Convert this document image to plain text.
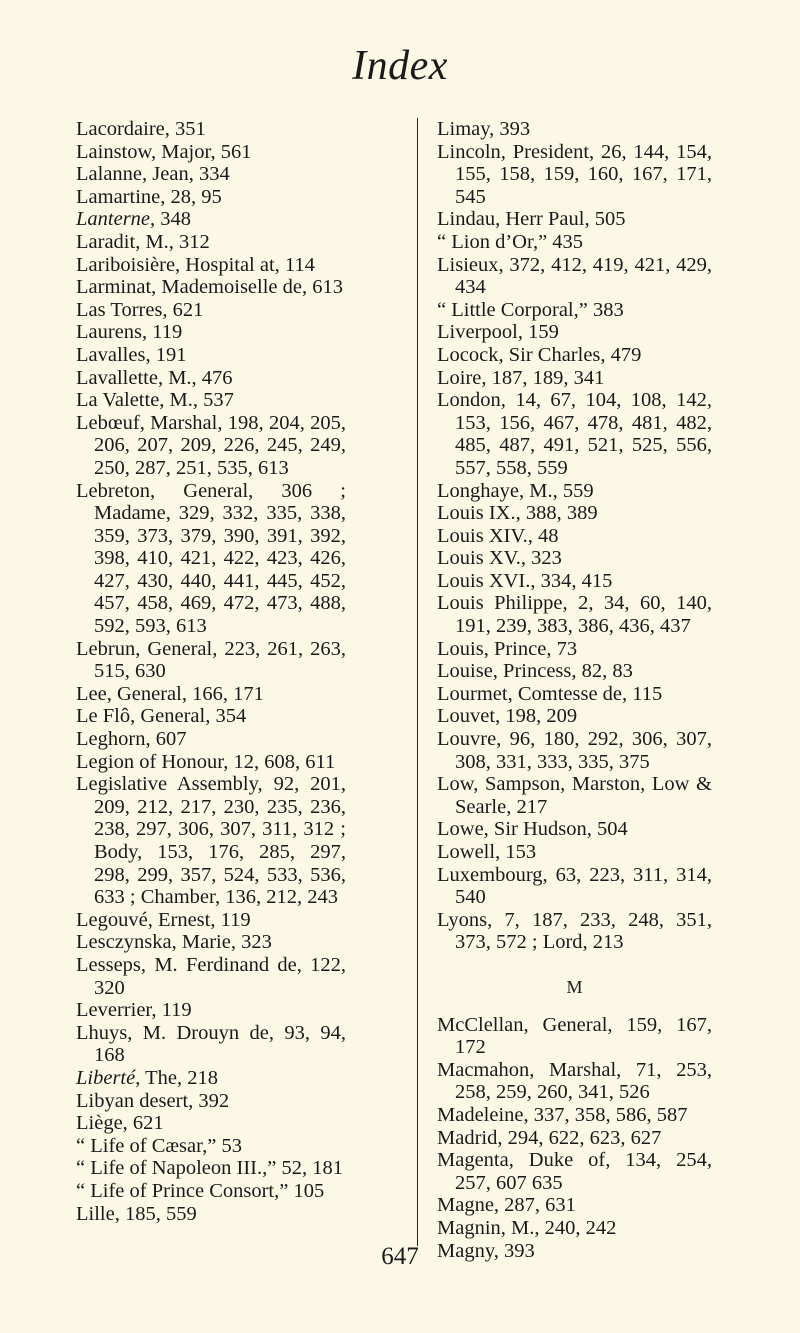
Index
Lacordaire, 351
Lainstow, Major, 561
Lalanne, Jean, 334
Lamartine, 28, 95
Lanterne, 348
Laradit, M., 312
Lariboisière, Hospital at, 114
Larminat, Mademoiselle de, 613
Las Torres, 621
Laurens, 119
Lavalles, 191
Lavallette, M., 476
La Valette, M., 537
Lebœuf, Marshal, 198, 204, 205, 206, 207, 209, 226, 245, 249, 250, 287, 251, 535, 613
Lebreton, General, 306 ; Madame, 329, 332, 335, 338, 359, 373, 379, 390, 391, 392, 398, 410, 421, 422, 423, 426, 427, 430, 440, 441, 445, 452, 457, 458, 469, 472, 473, 488, 592, 593, 613
Lebrun, General, 223, 261, 263, 515, 630
Lee, General, 166, 171
Le Flô, General, 354
Leghorn, 607
Legion of Honour, 12, 608, 611
Legislative Assembly, 92, 201, 209, 212, 217, 230, 235, 236, 238, 297, 306, 307, 311, 312 ; Body, 153, 176, 285, 297, 298, 299, 357, 524, 533, 536, 633 ; Chamber, 136, 212, 243
Legouvé, Ernest, 119
Lesczynska, Marie, 323
Lesseps, M. Ferdinand de, 122, 320
Leverrier, 119
Lhuys, M. Drouyn de, 93, 94, 168
Liberté, The, 218
Libyan desert, 392
Liège, 621
“ Life of Cæsar,” 53
“ Life of Napoleon III.,” 52, 181
“ Life of Prince Consort,” 105
Lille, 185, 559
Limay, 393
Lincoln, President, 26, 144, 154, 155, 158, 159, 160, 167, 171, 545
Lindau, Herr Paul, 505
“ Lion d’Or,” 435
Lisieux, 372, 412, 419, 421, 429, 434
“ Little Corporal,” 383
Liverpool, 159
Locock, Sir Charles, 479
Loire, 187, 189, 341
London, 14, 67, 104, 108, 142, 153, 156, 467, 478, 481, 482, 485, 487, 491, 521, 525, 556, 557, 558, 559
Longhaye, M., 559
Louis IX., 388, 389
Louis XIV., 48
Louis XV., 323
Louis XVI., 334, 415
Louis Philippe, 2, 34, 60, 140, 191, 239, 383, 386, 436, 437
Louis, Prince, 73
Louise, Princess, 82, 83
Lourmet, Comtesse de, 115
Louvet, 198, 209
Louvre, 96, 180, 292, 306, 307, 308, 331, 333, 335, 375
Low, Sampson, Marston, Low & Searle, 217
Lowe, Sir Hudson, 504
Lowell, 153
Luxembourg, 63, 223, 311, 314, 540
Lyons, 7, 187, 233, 248, 351, 373, 572 ; Lord, 213
M
McClellan, General, 159, 167, 172
Macmahon, Marshal, 71, 253, 258, 259, 260, 341, 526
Madeleine, 337, 358, 586, 587
Madrid, 294, 622, 623, 627
Magenta, Duke of, 134, 254, 257, 607 635
Magne, 287, 631
Magnin, M., 240, 242
Magny, 393
647
